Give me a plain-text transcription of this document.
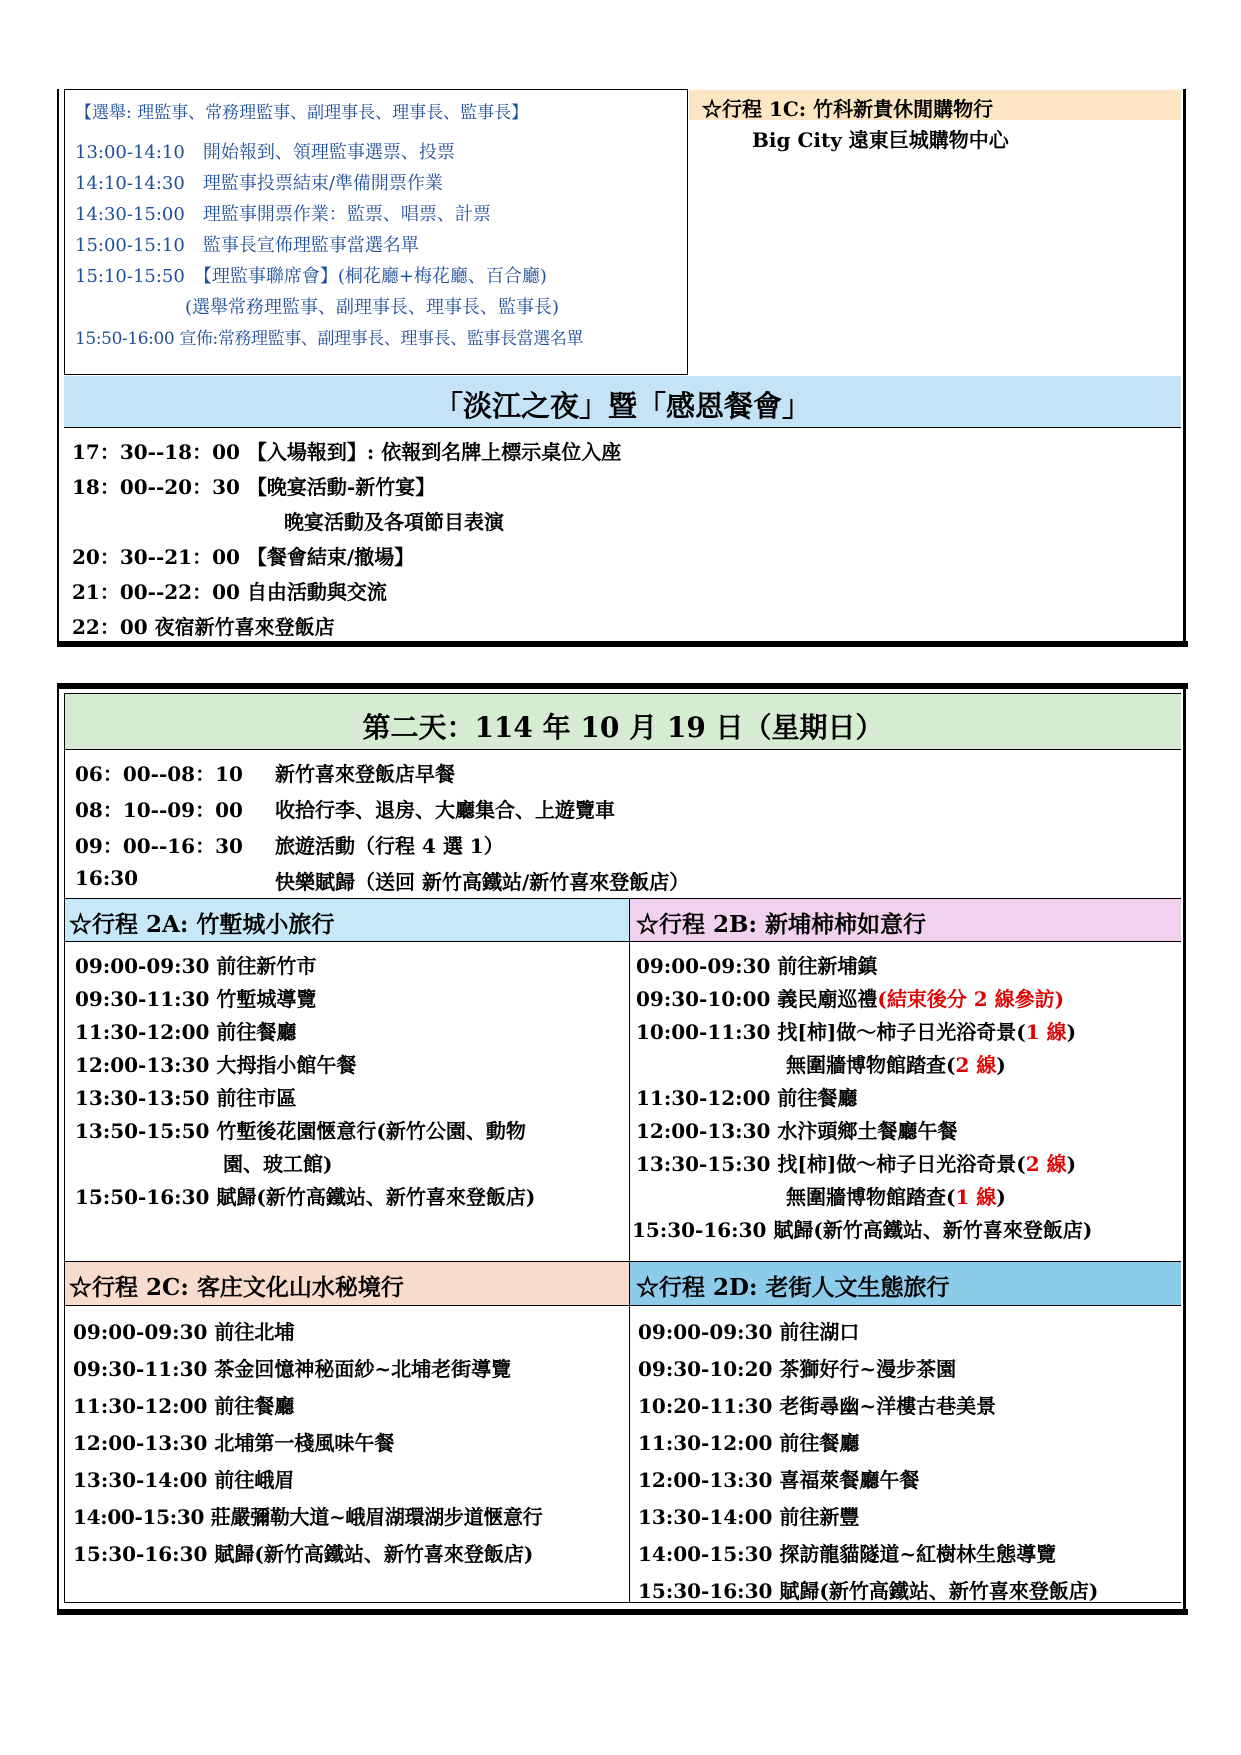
【選舉: 理監事、常務理監事、副理事長、理事長、監事長】
13:00-14:10　開始報到、領理監事選票、投票
14:10-14:30　理監事投票結束/準備開票作業
14:30-15:00　理監事開票作業：監票、唱票、計票
15:00-15:10　監事長宣佈理監事當選名單
15:10-15:50　【理監事聯席會】(桐花廳+梅花廳、百合廳)
(選舉常務理監事、副理事長、理事長、監事長)
15:50-16:00 宣佈:常務理監事、副理事長、理事長、監事長當選名單
☆行程 1C: 竹科新貴休閒購物行
Big City 遠東巨城購物中心
「淡江之夜」暨「感恩餐會」
17：30--18：00 【入場報到】: 依報到名牌上標示桌位入座
18：00--20：30 【晚宴活動-新竹宴】
晚宴活動及各項節目表演
20：30--21：00 【餐會結束/撤場】
21：00--22：00 自由活動與交流
22：00 夜宿新竹喜來登飯店
第二天：114 年 10 月 19 日（星期日）
06：00--08：10 新竹喜來登飯店早餐
08：10--09：00 收拾行李、退房、大廳集合、上遊覽車
09：00--16：30 旅遊活動（行程 4 選 1）
16:30	快樂賦歸（送回 新竹高鐵站/新竹喜來登飯店）
☆行程 2A: 竹塹城小旅行
09:00-09:30 前往新竹市
09:30-11:30 竹塹城導覽
11:30-12:00 前往餐廳
12:00-13:30 大拇指小館午餐
13:30-13:50 前往市區
13:50-15:50 竹塹後花園愜意行(新竹公園、動物
園、玻工館)
15:50-16:30 賦歸(新竹高鐵站、新竹喜來登飯店)
☆行程 2B: 新埔柿柿如意行
09:00-09:30 前往新埔鎮
09:30-10:00 義民廟巡禮(結束後分 2 線參訪)
10:00-11:30 找[柿]做～柿子日光浴奇景(1 線)
無圍牆博物館踏查(2 線)
11:30-12:00 前往餐廳
12:00-13:30 水汴頭鄉土餐廳午餐
13:30-15:30 找[柿]做～柿子日光浴奇景(2 線)
無圍牆博物館踏查(1 線)
15:30-16:30 賦歸(新竹高鐵站、新竹喜來登飯店)
☆行程 2C: 客庄文化山水秘境行
09:00-09:30 前往北埔
09:30-11:30 茶金回憶神秘面紗~北埔老街導覽
11:30-12:00 前往餐廳
12:00-13:30 北埔第一棧風味午餐
13:30-14:00 前往峨眉
14:00-15:30 莊嚴彌勒大道~峨眉湖環湖步道愜意行
15:30-16:30 賦歸(新竹高鐵站、新竹喜來登飯店)
☆行程 2D: 老街人文生態旅行
09:00-09:30 前往湖口
09:30-10:20 茶獅好行~漫步茶園
10:20-11:30 老街尋幽~洋樓古巷美景
11:30-12:00 前往餐廳
12:00-13:30 喜福萊餐廳午餐
13:30-14:00 前往新豐
14:00-15:30 探訪龍貓隧道~紅樹林生態導覽
15:30-16:30 賦歸(新竹高鐵站、新竹喜來登飯店)
